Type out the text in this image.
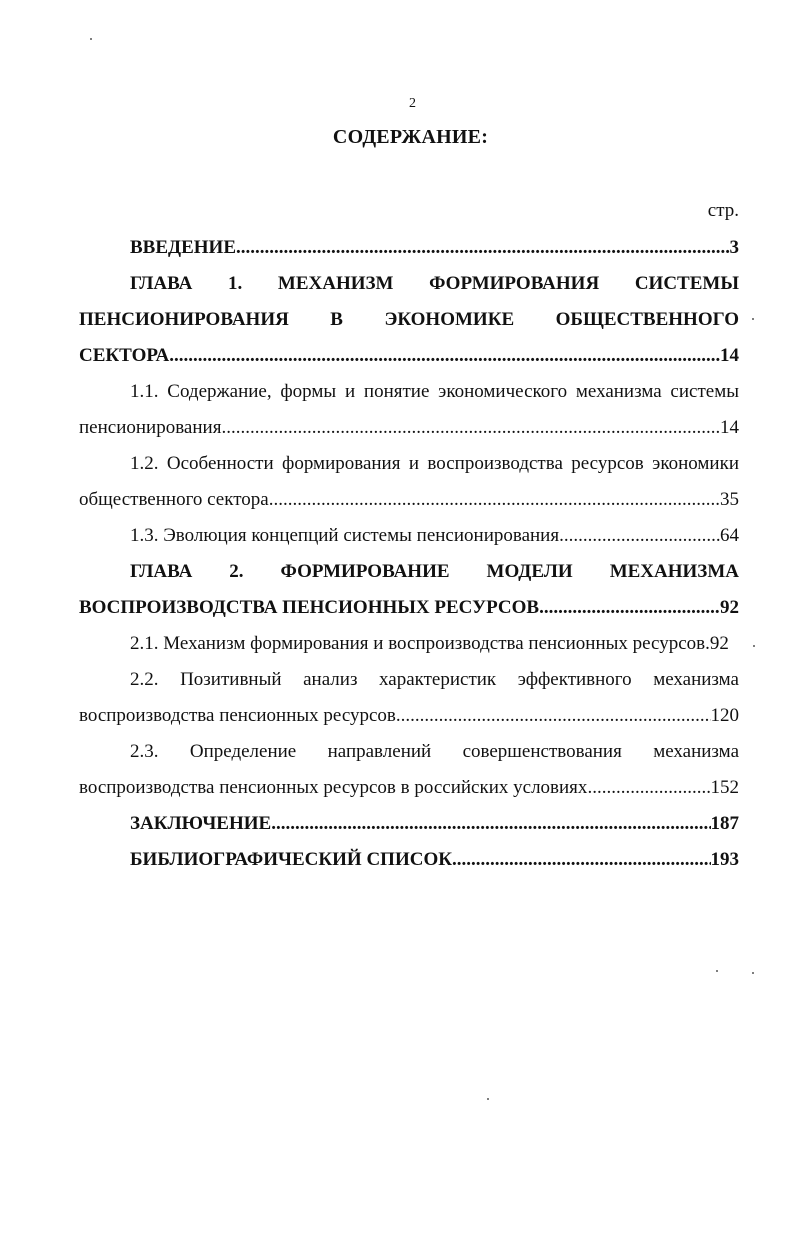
2
СОДЕРЖАНИЕ:
стр.
ВВЕДЕНИЕ .....	3
ГЛАВА 1. МЕХАНИЗМ ФОРМИРОВАНИЯ СИСТЕМЫ
ПЕНСИОНИРОВАНИЯ В ЭКОНОМИКЕ ОБЩЕСТВЕННОГО
СЕКТОРА .....	14
1.1. Содержание, формы и понятие экономического механизма системы
пенсионирования .....	14
1.2. Особенности формирования и воспроизводства ресурсов экономики
общественного сектора .....	35
1.3. Эволюция концепций системы пенсионирования .....	64
ГЛАВА 2. ФОРМИРОВАНИЕ МОДЕЛИ МЕХАНИЗМА
ВОСПРОИЗВОДСТВА ПЕНСИОННЫХ РЕСУРСОВ .....	92
2.1. Механизм формирования и воспроизводства пенсионных ресурсов. 92
2.2. Позитивный анализ характеристик эффективного механизма
воспроизводства пенсионных ресурсов .....	120
2.3. Определение направлений совершенствования механизма
воспроизводства пенсионных ресурсов в российских условиях .....	152
ЗАКЛЮЧЕНИЕ .....	187
БИБЛИОГРАФИЧЕСКИЙ СПИСОК .....	193
